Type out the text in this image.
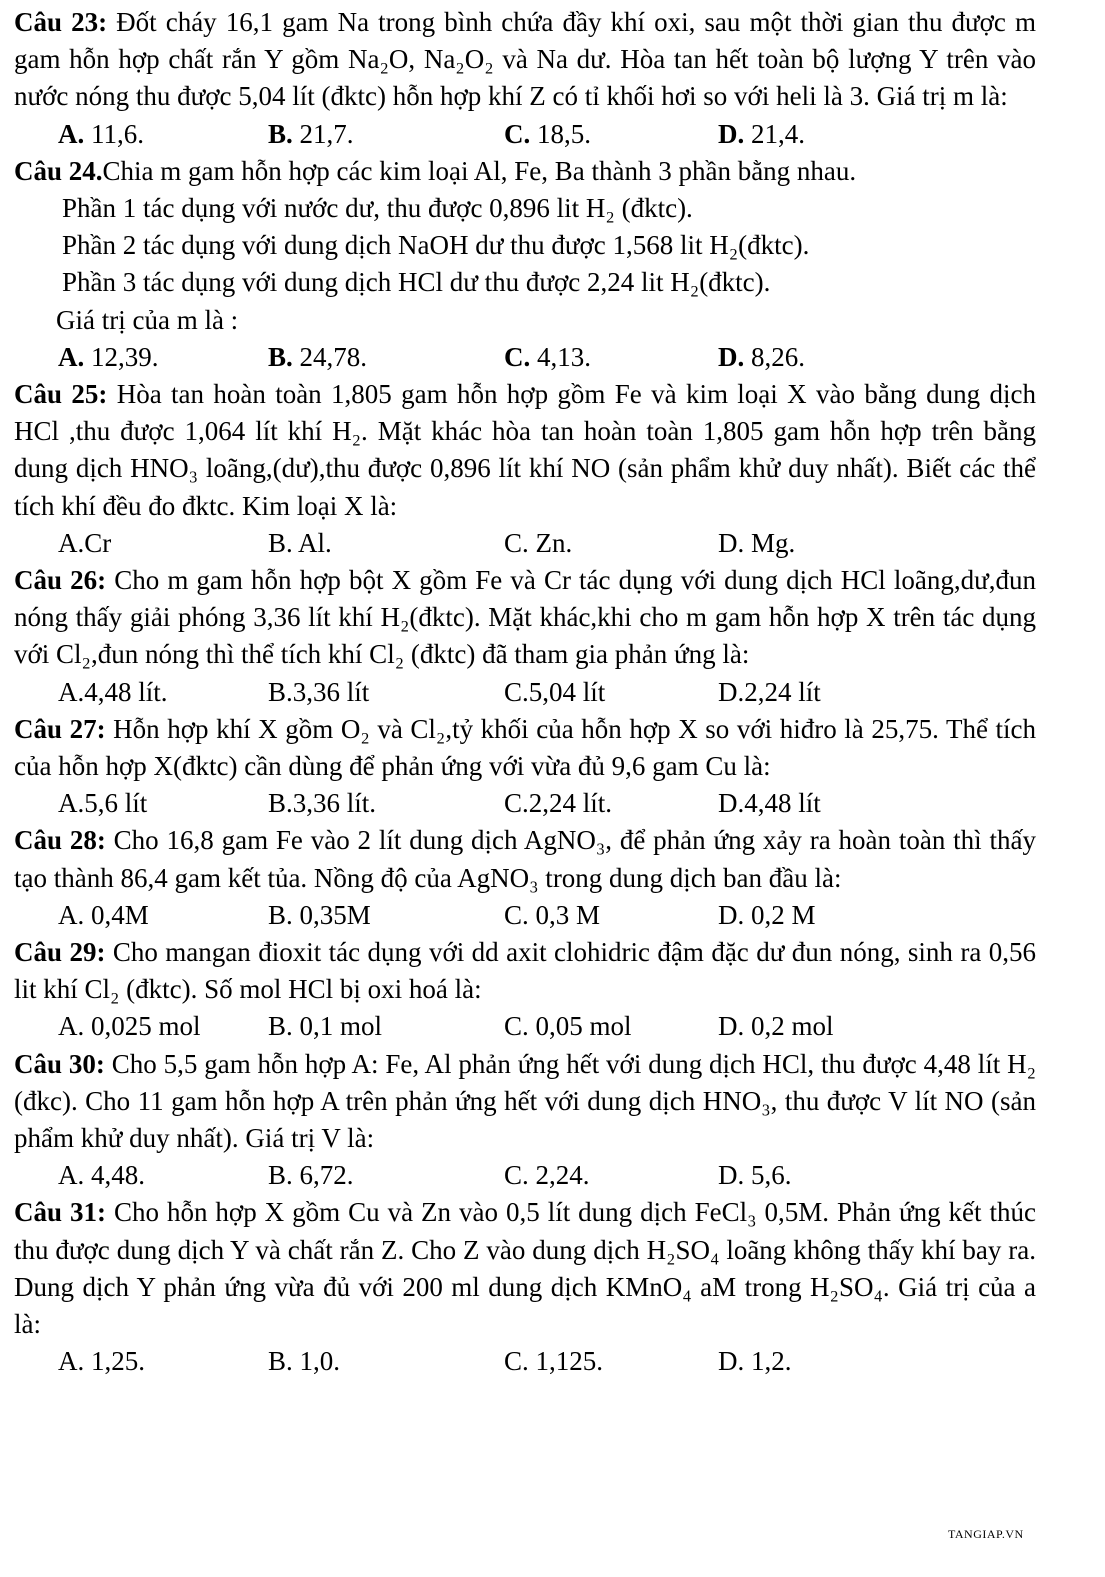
Câu 23: Đốt cháy 16,1 gam Na trong bình chứa đầy khí oxi, sau một thời gian thu được m gam hỗn hợp chất rắn Y gồm Na₂O, Na₂O₂ và Na dư. Hòa tan hết toàn bộ lượng Y trên vào nước nóng thu được 5,04 lít (đktc) hỗn hợp khí Z có tỉ khối hơi so với heli là 3. Giá trị m là:
A. 11,6.	B. 21,7.	C. 18,5.	D. 21,4.
Câu 24.Chia m gam hỗn hợp các kim loại Al, Fe, Ba thành 3 phần bằng nhau.
Phần 1 tác dụng với nước dư, thu được 0,896 lit H₂ (đktc).
Phần 2 tác dụng với dung dịch NaOH dư thu được 1,568 lit H₂(đktc).
Phần 3 tác dụng với dung dịch HCl dư thu được 2,24 lit H₂(đktc).
Giá trị của m là :
A. 12,39.	B. 24,78.	C. 4,13.	D. 8,26.
Câu 25: Hòa tan hoàn toàn 1,805 gam hỗn hợp gồm Fe và kim loại X vào bằng dung dịch HCl ,thu được 1,064 lít khí H₂. Mặt khác hòa tan hoàn toàn 1,805 gam hỗn hợp trên bằng dung dịch HNO₃ loãng,(dư),thu được 0,896 lít khí NO (sản phẩm khử duy nhất). Biết các thể tích khí đều đo đktc. Kim loại X là:
A.Cr	B. Al.	C. Zn.	D. Mg.
Câu 26: Cho m gam hỗn hợp bột X gồm Fe và Cr tác dụng với dung dịch HCl loãng,dư,đun nóng thấy giải phóng 3,36 lít khí H₂(đktc). Mặt khác,khi cho m gam hỗn hợp X trên tác dụng với Cl₂,đun nóng thì thể tích khí Cl₂ (đktc) đã tham gia phản ứng là:
A.4,48 lít.	B.3,36 lít	C.5,04 lít	D.2,24 lít
Câu 27: Hỗn hợp khí X gồm O₂ và Cl₂,tỷ khối của hỗn hợp X so với hiđro là 25,75. Thể tích của hỗn hợp X(đktc) cần dùng để phản ứng với vừa đủ 9,6 gam Cu là:
A.5,6 lít	B.3,36 lít.	C.2,24 lít.	D.4,48 lít
Câu 28: Cho 16,8 gam Fe vào 2 lít dung dịch AgNO₃, để phản ứng xảy ra hoàn toàn thì thấy tạo thành 86,4 gam kết tủa. Nồng độ của AgNO₃ trong dung dịch ban đầu là:
A. 0,4M	B. 0,35M	C. 0,3 M	D. 0,2 M
Câu 29: Cho mangan đioxit tác dụng với dd axit clohidric đậm đặc dư đun nóng, sinh ra 0,56 lit khí Cl₂ (đktc). Số mol HCl bị oxi hoá là:
A. 0,025 mol B. 0,1 mol	C. 0,05 mol	D. 0,2 mol
Câu 30: Cho 5,5 gam hỗn hợp A: Fe, Al phản ứng hết với dung dịch HCl, thu được 4,48 lít H₂ (đkc). Cho 11 gam hỗn hợp A trên phản ứng hết với dung dịch HNO₃, thu được V lít NO (sản phẩm khử duy nhất). Giá trị V là:
A. 4,48.	B. 6,72.	C. 2,24.	D. 5,6.
Câu 31: Cho hỗn hợp X gồm Cu và Zn vào 0,5 lít dung dịch FeCl₃ 0,5M. Phản ứng kết thúc thu được dung dịch Y và chất rắn Z. Cho Z vào dung dịch H₂SO₄ loãng không thấy khí bay ra. Dung dịch Y phản ứng vừa đủ với 200 ml dung dịch KMnO₄ aM trong H₂SO₄. Giá trị của a là:
A. 1,25.	B. 1,0.	C. 1,125.	D. 1,2.
TANGIAP.VN
